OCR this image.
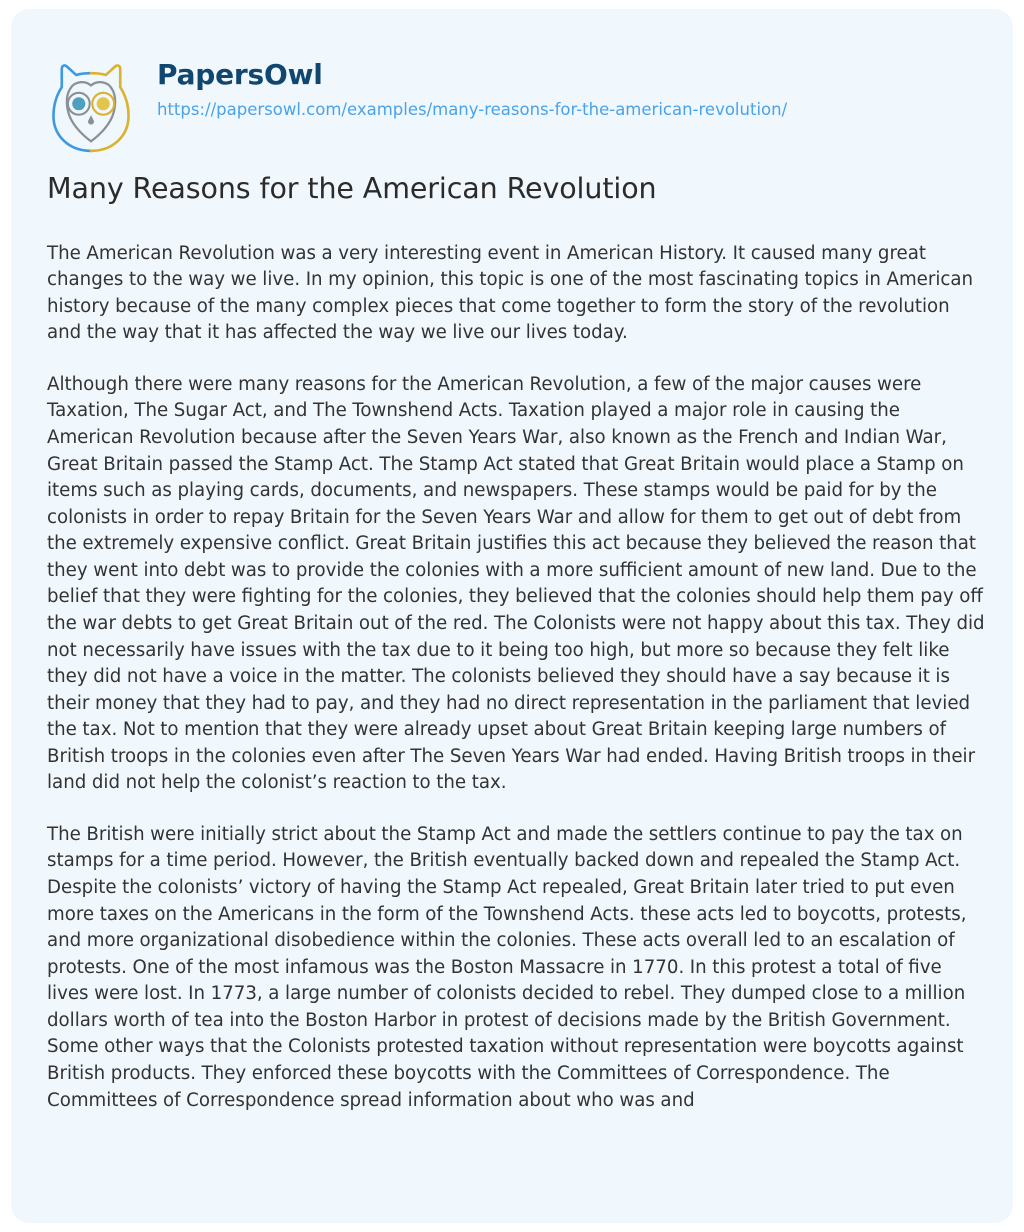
PapersOwl
https://papersowl.com/examples/many-reasons-for-the-american-revolution/
Many Reasons for the American Revolution

The American Revolution was a very interesting event in American History. It caused many great changes to the way we live. In my opinion, this topic is one of the most fascinating topics in American history because of the many complex pieces that come together to form the story of the revolution and the way that it has affected the way we live our lives today.

Although there were many reasons for the American Revolution, a few of the major causes were Taxation, The Sugar Act, and The Townshend Acts. Taxation played a major role in causing the American Revolution because after the Seven Years War, also known as the French and Indian War, Great Britain passed the Stamp Act. The Stamp Act stated that Great Britain would place a Stamp on items such as playing cards, documents, and newspapers. These stamps would be paid for by the colonists in order to repay Britain for the Seven Years War and allow for them to get out of debt from the extremely expensive conflict. Great Britain justifies this act because they believed the reason that they went into debt was to provide the colonies with a more sufficient amount of new land. Due to the belief that they were fighting for the colonies, they believed that the colonies should help them pay off the war debts to get Great Britain out of the red. The Colonists were not happy about this tax. They did not necessarily have issues with the tax due to it being too high, but more so because they felt like they did not have a voice in the matter. The colonists believed they should have a say because it is their money that they had to pay, and they had no direct representation in the parliament that levied the tax. Not to mention that they were already upset about Great Britain keeping large numbers of British troops in the colonies even after The Seven Years War had ended. Having British troops in their land did not help the colonist’s reaction to the tax.

The British were initially strict about the Stamp Act and made the settlers continue to pay the tax on stamps for a time period. However, the British eventually backed down and repealed the Stamp Act. Despite the colonists’ victory of having the Stamp Act repealed, Great Britain later tried to put even more taxes on the Americans in the form of the Townshend Acts. these acts led to boycotts, protests, and more organizational disobedience within the colonies. These acts overall led to an escalation of protests. One of the most infamous was the Boston Massacre in 1770. In this protest a total of five lives were lost. In 1773, a large number of colonists decided to rebel. They dumped close to a million dollars worth of tea into the Boston Harbor in protest of decisions made by the British Government. Some other ways that the Colonists protested taxation without representation were boycotts against British products. They enforced these boycotts with the Committees of Correspondence. The Committees of Correspondence spread information about who was and
